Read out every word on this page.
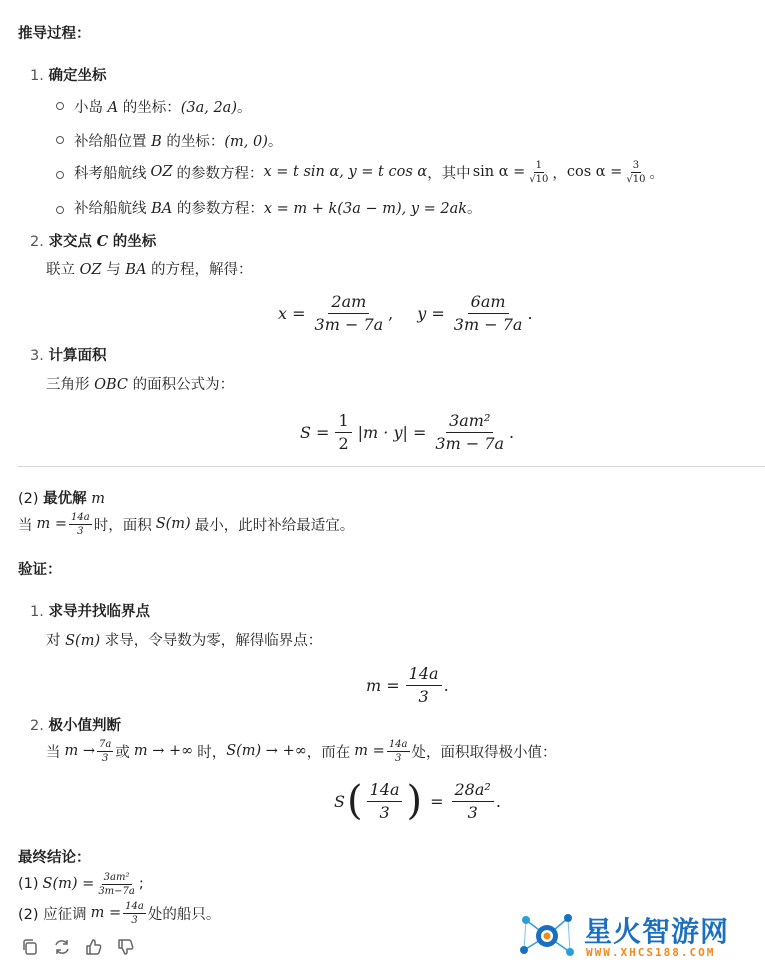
推导过程：
1. 确定坐标
小岛 A 的坐标：(3a, 2a)。
补给船位置 B 的坐标：(m, 0)。
科考船航线 OZ 的参数方程： x = t sin α, y = t cos α ，其中 $\sin \alpha = \frac{1}{√10}$ ， $\cos \alpha = \frac{3}{√10}$ 。
补给船航线 BA 的参数方程：x = m + k(3a − m), y = 2ak。
2. 求交点 C 的坐标
联立 OZ 与 BA 的方程，解得：
$x = \frac{2am}{3m - 7a}$ , $y = \frac{6am}{3m - 7a}$ .
3. 计算面积
三角形 OBC 的面积公式为：
$S = \frac{1}{2} |m \cdot y| = \frac{\text{3am²}}{3m - 7a}$ .
(2) 最优解 m
当 $m = \frac{14a}{3}$ 时，面积 S(m) 最小，此时补给最适宜。
验证：
1. 求导并找临界点
对 S(m) 求导，令导数为零，解得临界点：
$m = \frac{14a}{3}$ .
2. 极小值判断
当 $m \to \frac{7a}{3}$ 或 m → +∞ 时， S(m) → +∞ ，而在 $m = \frac{14a}{3}$ 处，面积取得极小值：
S ( $\frac{14a}{3}$ ) = $\frac{\text{28a²}}{3}$ .
最终结论：
(1) $S(m) = \frac{\text{3am²}}{3m-7a}$ ;
(2) 应征调 $m = \frac{14a}{3}$ 处的船只。
星火智游网
WWW.XHCS188.COM
